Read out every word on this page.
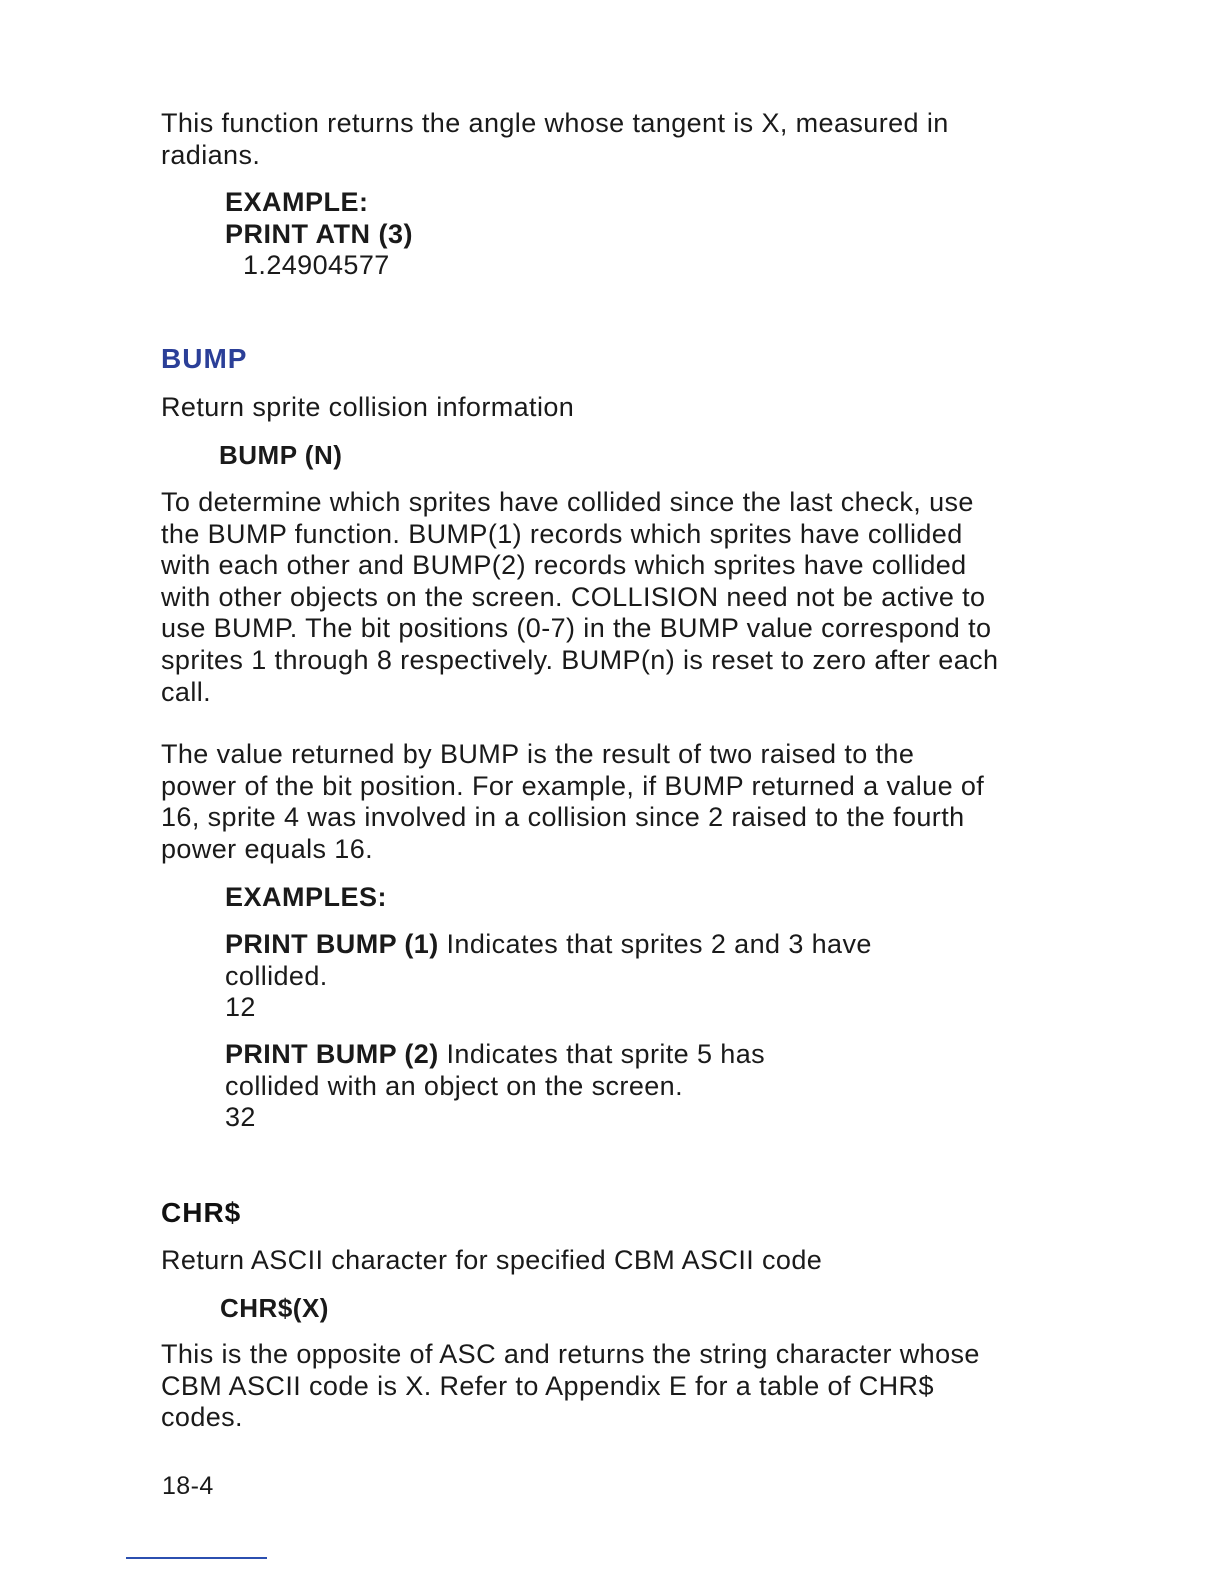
This function returns the angle whose tangent is X, measured in radians.

EXAMPLE:
PRINT ATN (3)
1.24904577
BUMP
Return sprite collision information
BUMP (N)

To determine which sprites have collided since the last check, use the BUMP function. BUMP(1) records which sprites have collided with each other and BUMP(2) records which sprites have collided with other objects on the screen. COLLISION need not be active to use BUMP. The bit positions (0-7) in the BUMP value correspond to sprites 1 through 8 respectively. BUMP(n) is reset to zero after each call.

The value returned by BUMP is the result of two raised to the power of the bit position. For example, if BUMP returned a value of 16, sprite 4 was involved in a collision since 2 raised to the fourth power equals 16.

EXAMPLES:
PRINT BUMP (1) Indicates that sprites 2 and 3 have collided.
12
PRINT BUMP (2) Indicates that sprite 5 has collided with an object on the screen.
32
CHR$
Return ASCII character for specified CBM ASCII code
CHR$(X)

This is the opposite of ASC and returns the string character whose CBM ASCII code is X. Refer to Appendix E for a table of CHR$ codes.

18-4
